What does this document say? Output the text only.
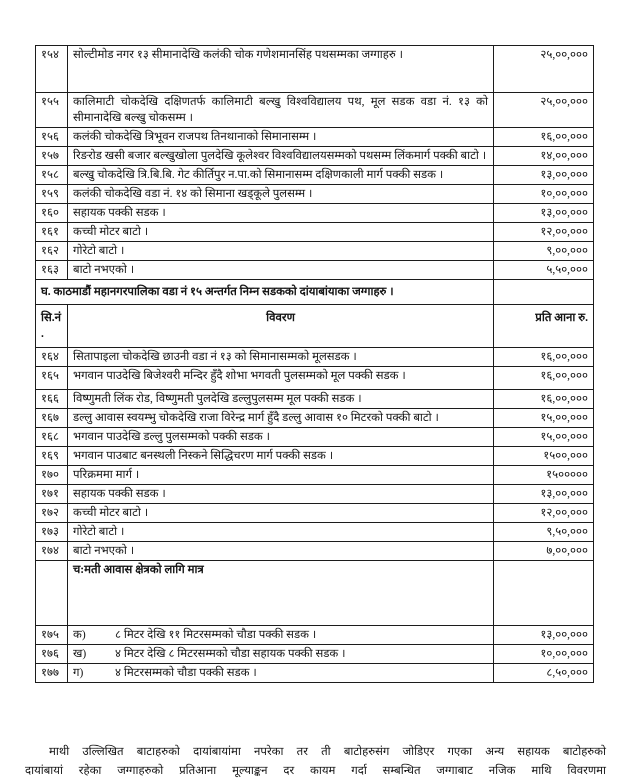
१५४	सोल्टीमोड नगर १३ सीमानादेखि कलंकी चोक गणेशमानसिंह पथसम्मका जग्गाहरु ।	२५,००,०००
१५५	कालिमाटी चोकदेखि दक्षिणतर्फ कालिमाटी बल्खु विश्वविद्यालय पथ, मूल सडक वडा नं. १३ को सीमानादेखि बल्खु चोकसम्म ।	२५,००,०००
१५६	कलंकी चोकदेखि त्रिभूवन राजपथ तिनथानाको सिमानासम्म ।	१६,००,०००
१५७	रिङरोड खसी बजार बल्खुखोला पुलदेखि कूलेश्वर विश्वविद्यालयसम्मको पथसम्म लिंकमार्ग पक्की बाटो ।	१४,००,०००
१५८	बल्खु चोकदेखि त्रि.बि.बि. गेट कीर्तिपुर न.पा.को सिमानासम्म दक्षिणकाली मार्ग पक्की सडक ।	१३,००,०००
१५९	कलंकी चोकदेखि वडा नं. १४ को सिमाना खड्कूले पुलसम्म ।	१०,००,०००
१६०	सहायक पक्की सडक ।	१३,००,०००
१६१	कच्ची मोटर बाटो ।	१२,००,०००
१६२	गोरेटो बाटो ।	९,००,०००
१६३	बाटो नभएको ।	५,५०,०००
घ. काठमाडौं महानगरपालिका वडा नं १५ अन्तर्गत निम्न सडकको दांयाबांयाका जग्गाहरु ।		
सि.नं.	विवरण	प्रति आना रु.
१६४	सितापाइला चोकदेखि छाउनी वडा नं १३ को सिमानासम्मको मूलसडक ।	१६,००,०००
१६५	भगवान पाउदेखि बिजेश्वरी मन्दिर हुँदै शोभा भगवती पुलसम्मको मूल पक्की सडक ।	१६,००,०००
१६६	विष्णुमती लिंक रोड, विष्णुमती पुलदेखि डल्लुपुलसम्म मूल पक्की सडक ।	१६,००,०००
१६७	डल्लु आवास स्वयम्भु चोकदेखि राजा विरेन्द्र मार्ग हुँदै डल्लु आवास १० मिटरको पक्की बाटो ।	१५,००,०००
१६८	भगवान पाउदेखि डल्लु पुलसम्मको पक्की सडक ।	१५,००,०००
१६९	भगवान पाउबाट बनस्थली निस्कने सिद्धिचरण मार्ग पक्की सडक ।	१५००,०००
१७०	परिक्रममा मार्ग ।	१५०००००
१७१	सहायक पक्की सडक ।	१३,००,०००
१७२	कच्ची मोटर बाटो ।	१२,००,०००
१७३	गोरेटो बाटो ।	९,५०,०००
१७४	बाटो नभएको ।	७,००,०००
	च:मती आवास क्षेत्रको लागि मात्र	
१७५	क) ८ मिटर देखि ११ मिटरसम्मको चौडा पक्की सडक ।	१३,००,०००
१७६	ख) ४ मिटर देखि ८ मिटरसम्मको चौडा सहायक पक्की सडक ।	१०,००,०००
१७७	ग) ४ मिटरसम्मको चौडा पक्की सडक ।	८,५०,०००
माथी उल्लिखित बाटाहरुको दायांबायांमा नपरेका तर ती बाटोहरुसंग जोडिएर गएका अन्य सहायक बाटोहरुको
दायांबायां रहेका जग्गाहरुको प्रतिआना मूल्याङ्कन दर कायम गर्दा सम्बन्धित जग्गाबाट नजिक माथि विवरणमा
